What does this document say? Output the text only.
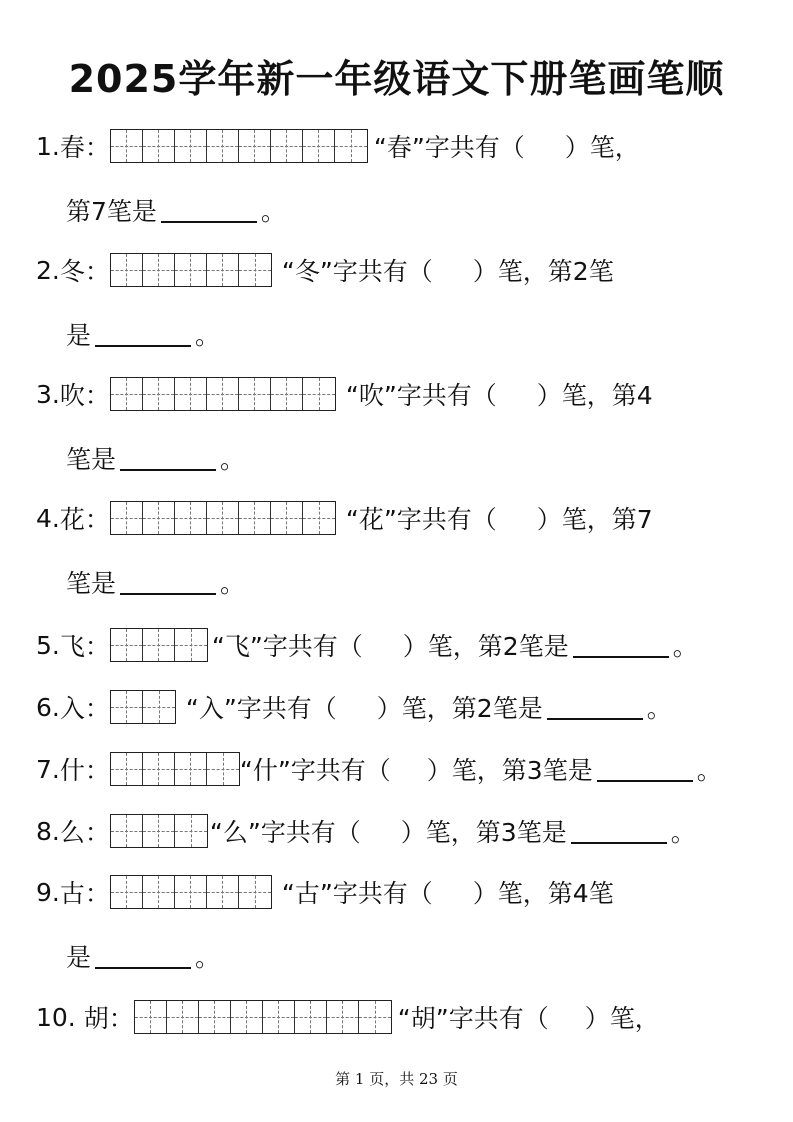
2025学年新一年级语文下册笔画笔顺
1. 春 ：	“春”字共有（ ）笔，
第7笔是	。
2. 冬 ：	“冬”字共有（ ）笔，第2笔
是	。
3. 吹 ：	“吹”字共有（ ）笔，第4
笔是	。
4. 花 ：	“花”字共有（ ）笔，第7
笔是	。
5. 飞 ：	“飞”字共有（ ）笔，第2笔是	。
6. 入 ：	“入”字共有（ ）笔，第2笔是	。
7. 什 ：	“什”字共有（ ）笔，第3笔是	。
8. 么 ：	“么”字共有（ ）笔，第3笔是	。
9. 古 ：	“古”字共有（ ）笔，第4笔
是	。
10. 胡 ：	“胡”字共有（ ）笔，
第 1 页，共 23 页
